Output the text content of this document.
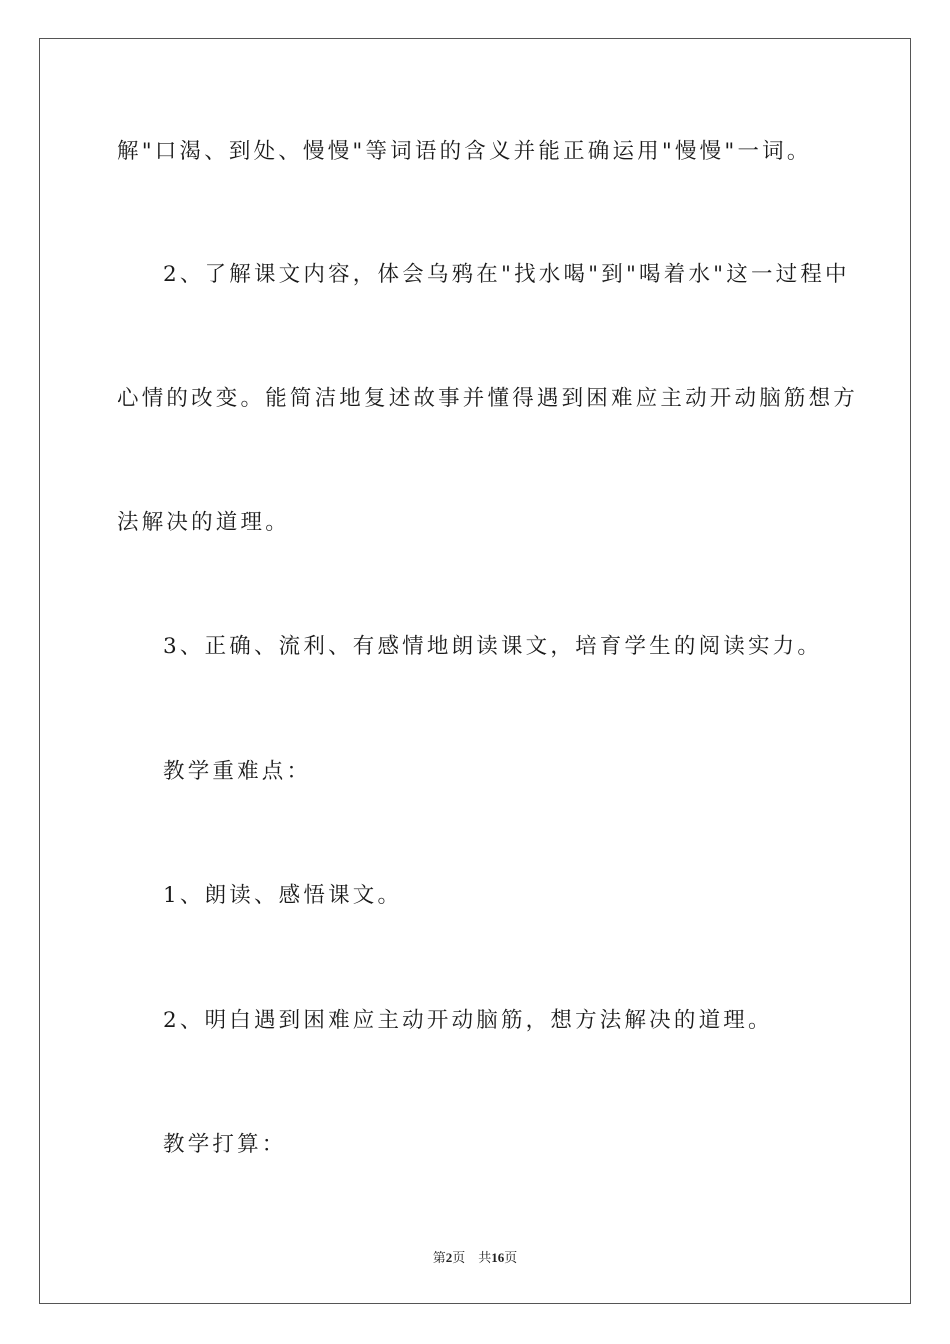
解"口渴、到处、慢慢"等词语的含义并能正确运用"慢慢"一词。
2、了解课文内容，体会乌鸦在"找水喝"到"喝着水"这一过程中
心情的改变。能简洁地复述故事并懂得遇到困难应主动开动脑筋想方
法解决的道理。
3、正确、流利、有感情地朗读课文，培育学生的阅读实力。
教学重难点：
1、朗读、感悟课文。
2、明白遇到困难应主动开动脑筋，想方法解决的道理。
教学打算：
第2页 共16页
